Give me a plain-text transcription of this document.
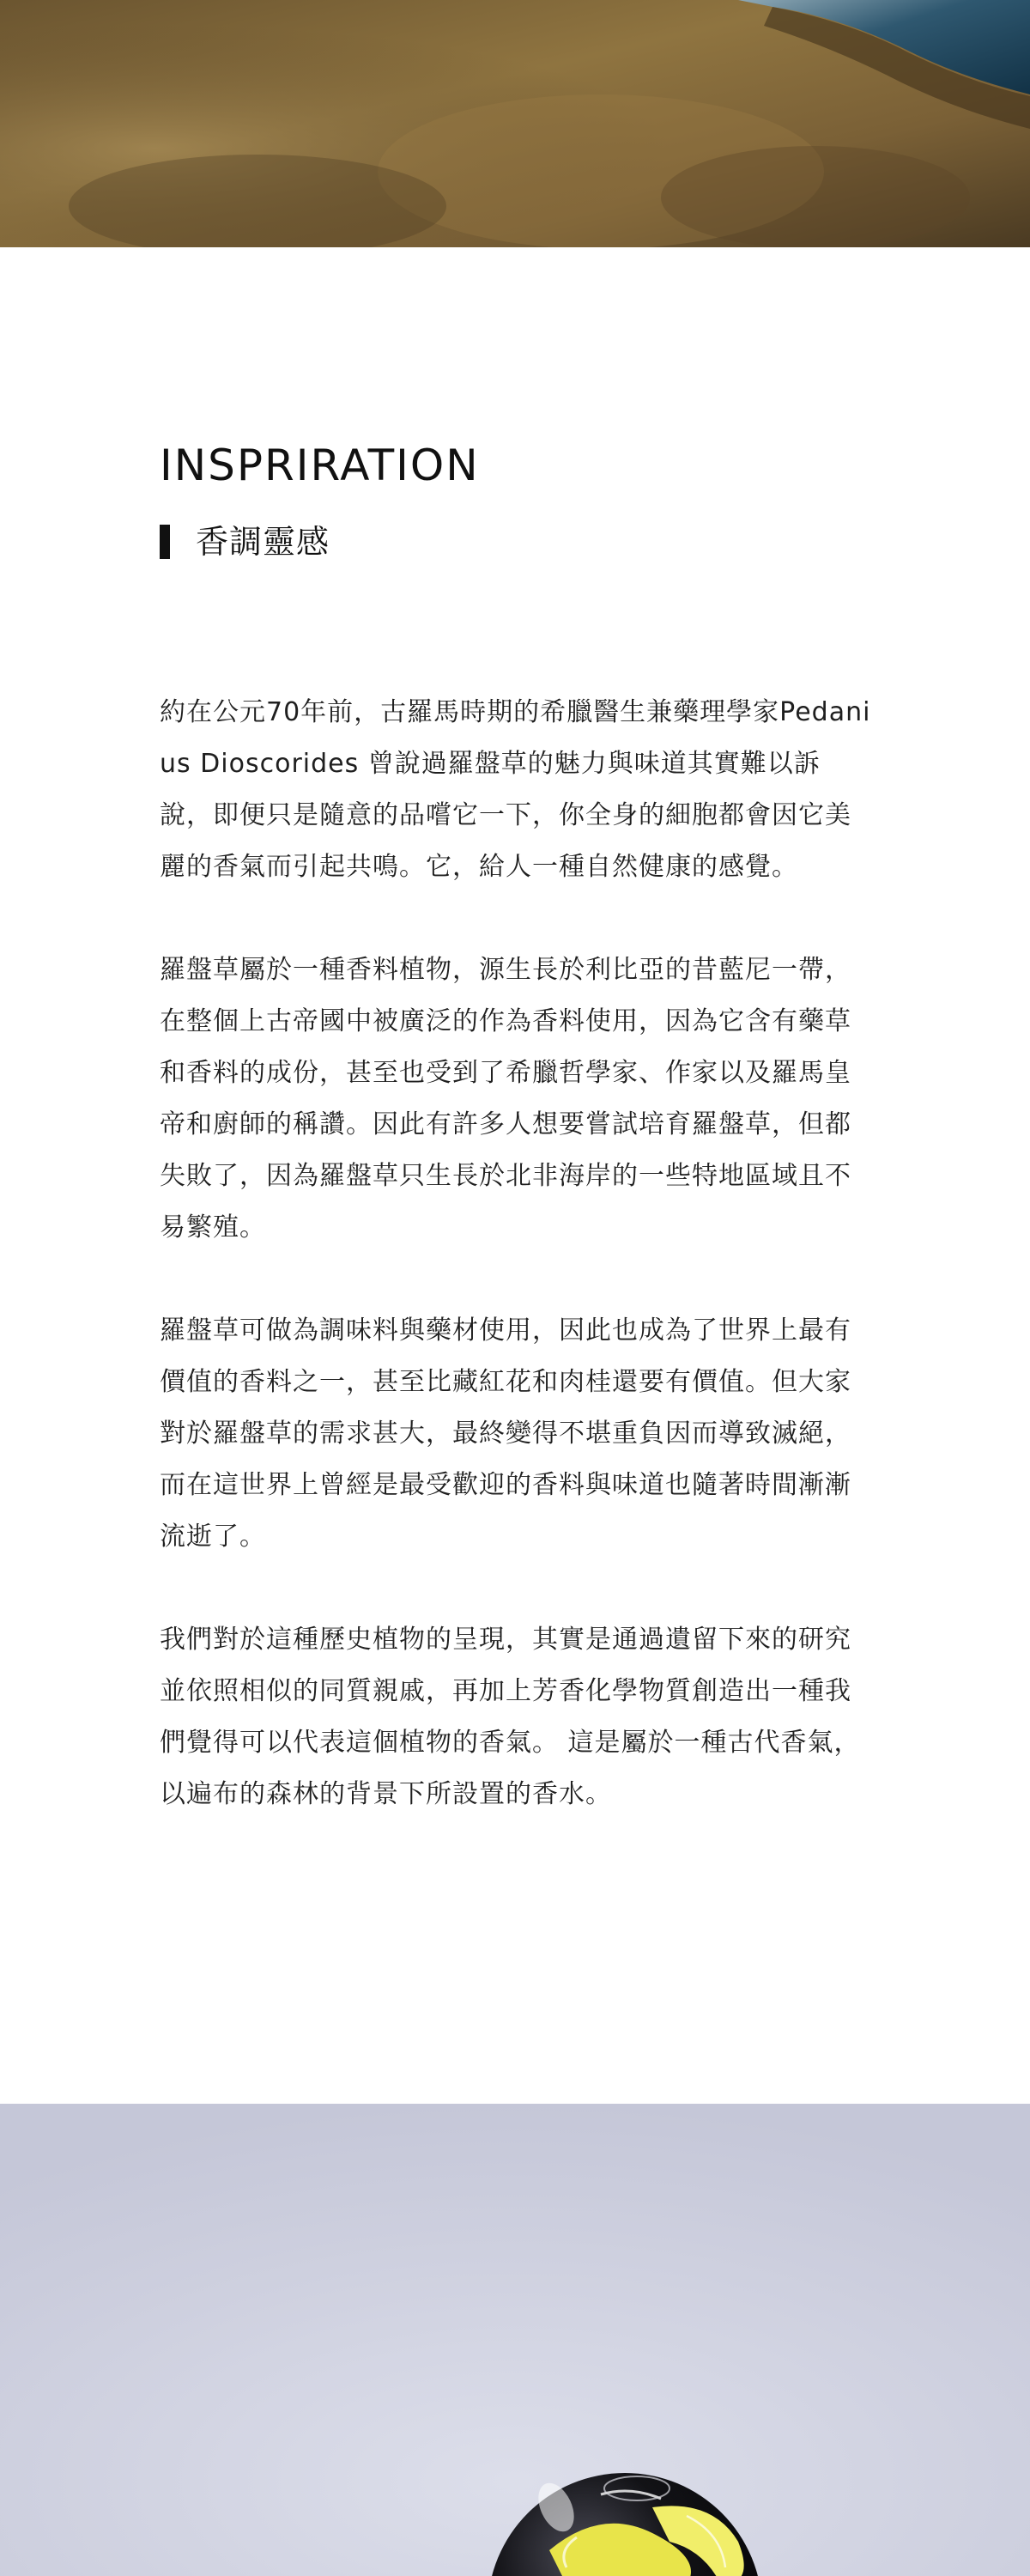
INSPRIRATION
香調靈感

約在公元70年前，古羅馬時期的希臘醫生兼藥理學家Pedanius Dioscorides 曾說過羅盤草的魅力與味道其實難以訴說，即便只是隨意的品嚐它一下，你全身的細胞都會因它美麗的香氣而引起共鳴。它，給人一種自然健康的感覺。

羅盤草屬於一種香料植物，源生長於利比亞的昔藍尼一帶，在整個上古帝國中被廣泛的作為香料使用，因為它含有藥草和香料的成份，甚至也受到了希臘哲學家、作家以及羅馬皇帝和廚師的稱讚。因此有許多人想要嘗試培育羅盤草，但都失敗了，因為羅盤草只生長於北非海岸的一些特地區域且不易繁殖。

羅盤草可做為調味料與藥材使用，因此也成為了世界上最有價值的香料之一，甚至比藏紅花和肉桂還要有價值。但大家對於羅盤草的需求甚大，最終變得不堪重負因而導致滅絕，而在這世界上曾經是最受歡迎的香料與味道也隨著時間漸漸流逝了。

我們對於這種歷史植物的呈現，其實是通過遺留下來的研究並依照相似的同質親戚，再加上芳香化學物質創造出一種我們覺得可以代表這個植物的香氣。 這是屬於一種古代香氣，以遍布的森林的背景下所設置的香水。
